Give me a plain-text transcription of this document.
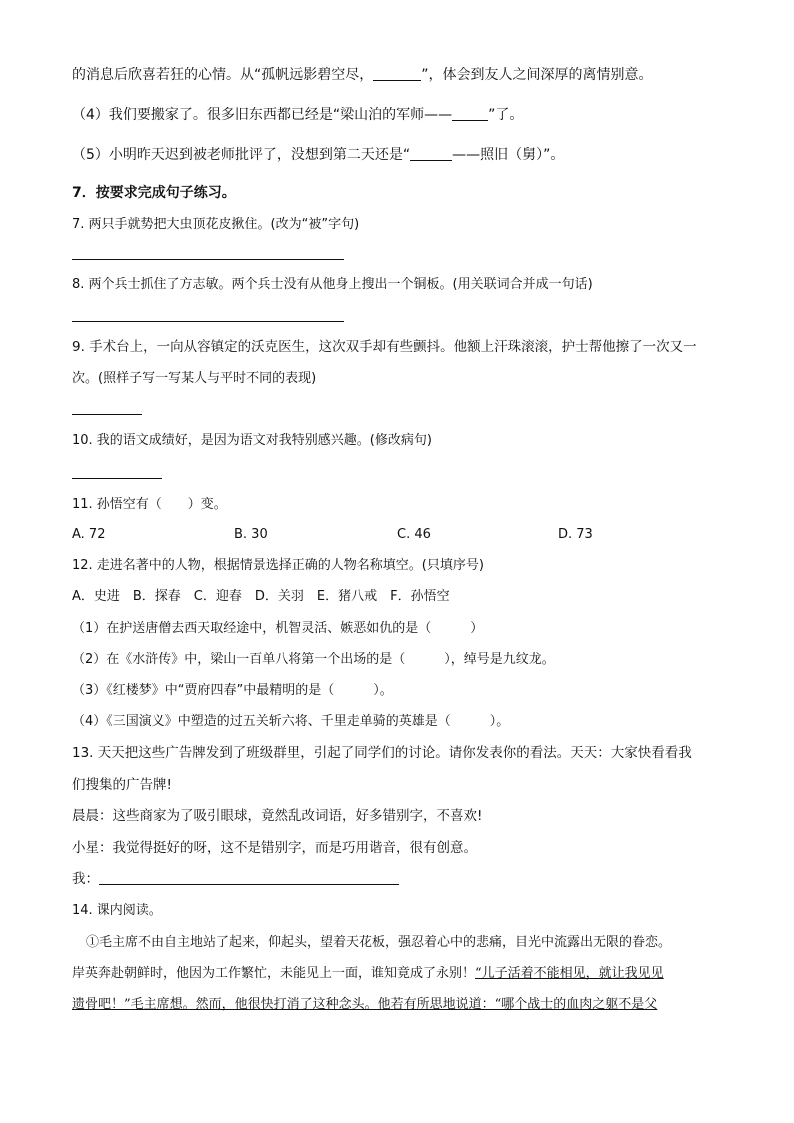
的消息后欣喜若狂的心情。从“孤帆远影碧空尽，	”，体会到友人之间深厚的离情别意。
（4）我们要搬家了。很多旧东西都已经是“梁山泊的军师——	”了。
（5）小明昨天迟到被老师批评了，没想到第二天还是“	——照旧（舅）”。
7．按要求完成句子练习。
7. 两只手就势把大虫顶花皮揪住。(改为“被”字句)
8. 两个兵士抓住了方志敏。两个兵士没有从他身上搜出一个铜板。(用关联词合并成一句话)
9. 手术台上，一向从容镇定的沃克医生，这次双手却有些颤抖。他额上汗珠滚滚，护士帮他擦了一次又一
次。(照样子写一写某人与平时不同的表现)
10. 我的语文成绩好，是因为语文对我特别感兴趣。(修改病句)
11. 孙悟空有（　　）变。
A. 72	B. 30	C. 46	D. 73
12. 走进名著中的人物，根据情景选择正确的人物名称填空。(只填序号)
A．史进　B．探春　C．迎春　D．关羽　E．猪八戒　F．孙悟空
（1）在护送唐僧去西天取经途中，机智灵活、嫉恶如仇的是（　　　）
（2）在《水浒传》中，梁山一百单八将第一个出场的是（　　　），绰号是九纹龙。
（3）《红楼梦》中“贾府四春”中最精明的是（　　　）。
（4）《三国演义》中塑造的过五关斩六将、千里走单骑的英雄是（　　　）。
13. 天天把这些广告牌发到了班级群里，引起了同学们的讨论。请你发表你的看法。天天：大家快看看我
们搜集的广告牌!
晨晨：这些商家为了吸引眼球，竟然乱改词语，好多错别字，不喜欢!
小星：我觉得挺好的呀，这不是错别字，而是巧用谐音，很有创意。
我：
14. 课内阅读。
①毛主席不由自主地站了起来，仰起头，望着天花板，强忍着心中的悲痛，目光中流露出无限的眷恋。
岸英奔赴朝鲜时，他因为工作繁忙，未能见上一面，谁知竟成了永别！“儿子活着不能相见，就让我见见
遗骨吧！”毛主席想。然而，他很快打消了这种念头。他若有所思地说道：“哪个战士的血肉之躯不是父
